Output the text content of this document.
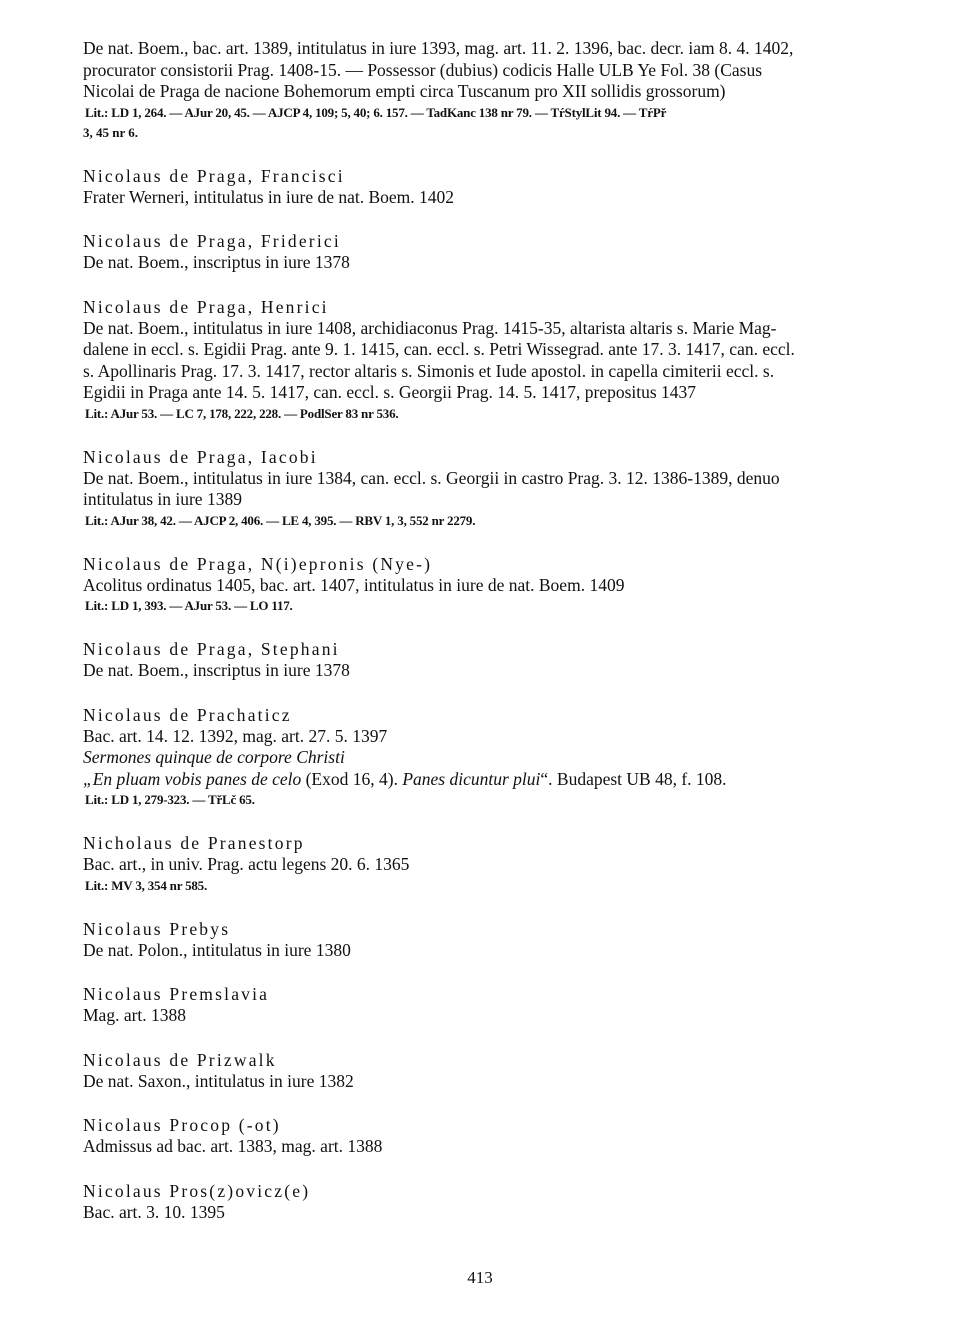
De nat. Boem., bac. art. 1389, intitulatus in iure 1393, mag. art. 11. 2. 1396, bac. decr. iam 8. 4. 1402,
procurator consistorii Prag. 1408-15. — Possessor (dubius) codicis Halle ULB Ye Fol. 38 (Casus
Nicolai de Praga de nacione Bohemorum empti circa Tuscanum pro XII sollidis grossorum)
Lit.: LD 1, 264. — AJur 20, 45. — AJCP 4, 109; 5, 40; 6. 157. — TadKanc 138 nr 79. — TŕStylLit 94. — TŕPř
3, 45 nr 6.
Nicolaus de Praga, Francisci
Frater Werneri, intitulatus in iure de nat. Boem. 1402
Nicolaus de Praga, Friderici
De nat. Boem., inscriptus in iure 1378
Nicolaus de Praga, Henrici
De nat. Boem., intitulatus in iure 1408, archidiaconus Prag. 1415-35, altarista altaris s. Marie Mag-
dalene in eccl. s. Egidii Prag. ante 9. 1. 1415, can. eccl. s. Petri Wissegrad. ante 17. 3. 1417, can. eccl.
s. Apollinaris Prag. 17. 3. 1417, rector altaris s. Simonis et Iude apostol. in capella cimiterii eccl. s.
Egidii in Praga ante 14. 5. 1417, can. eccl. s. Georgii Prag. 14. 5. 1417, prepositus 1437
Lit.: AJur 53. — LC 7, 178, 222, 228. — PodlSer 83 nr 536.
Nicolaus de Praga, Iacobi
De nat. Boem., intitulatus in iure 1384, can. eccl. s. Georgii in castro Prag. 3. 12. 1386-1389, denuo
intitulatus in iure 1389
Lit.: AJur 38, 42. — AJCP 2, 406. — LE 4, 395. — RBV 1, 3, 552 nr 2279.
Nicolaus de Praga, N(i)epronis (Nye-)
Acolitus ordinatus 1405, bac. art. 1407, intitulatus in iure de nat. Boem. 1409
Lit.: LD 1, 393. — AJur 53. — LO 117.
Nicolaus de Praga, Stephani
De nat. Boem., inscriptus in iure 1378
Nicolaus de Prachaticz
Bac. art. 14. 12. 1392, mag. art. 27. 5. 1397
Sermones quinque de corpore Christi
„En pluam vobis panes de celo (Exod 16, 4). Panes dicuntur plui“. Budapest UB 48, f. 108.
Lit.: LD 1, 279-323. — TřLč 65.
Nicholaus de Pranestorp
Bac. art., in univ. Prag. actu legens 20. 6. 1365
Lit.: MV 3, 354 nr 585.
Nicolaus Prebys
De nat. Polon., intitulatus in iure 1380
Nicolaus Premslavia
Mag. art. 1388
Nicolaus de Prizwalk
De nat. Saxon., intitulatus in iure 1382
Nicolaus Procop (-ot)
Admissus ad bac. art. 1383, mag. art. 1388
Nicolaus Pros(z)ovicz(e)
Bac. art. 3. 10. 1395
413
